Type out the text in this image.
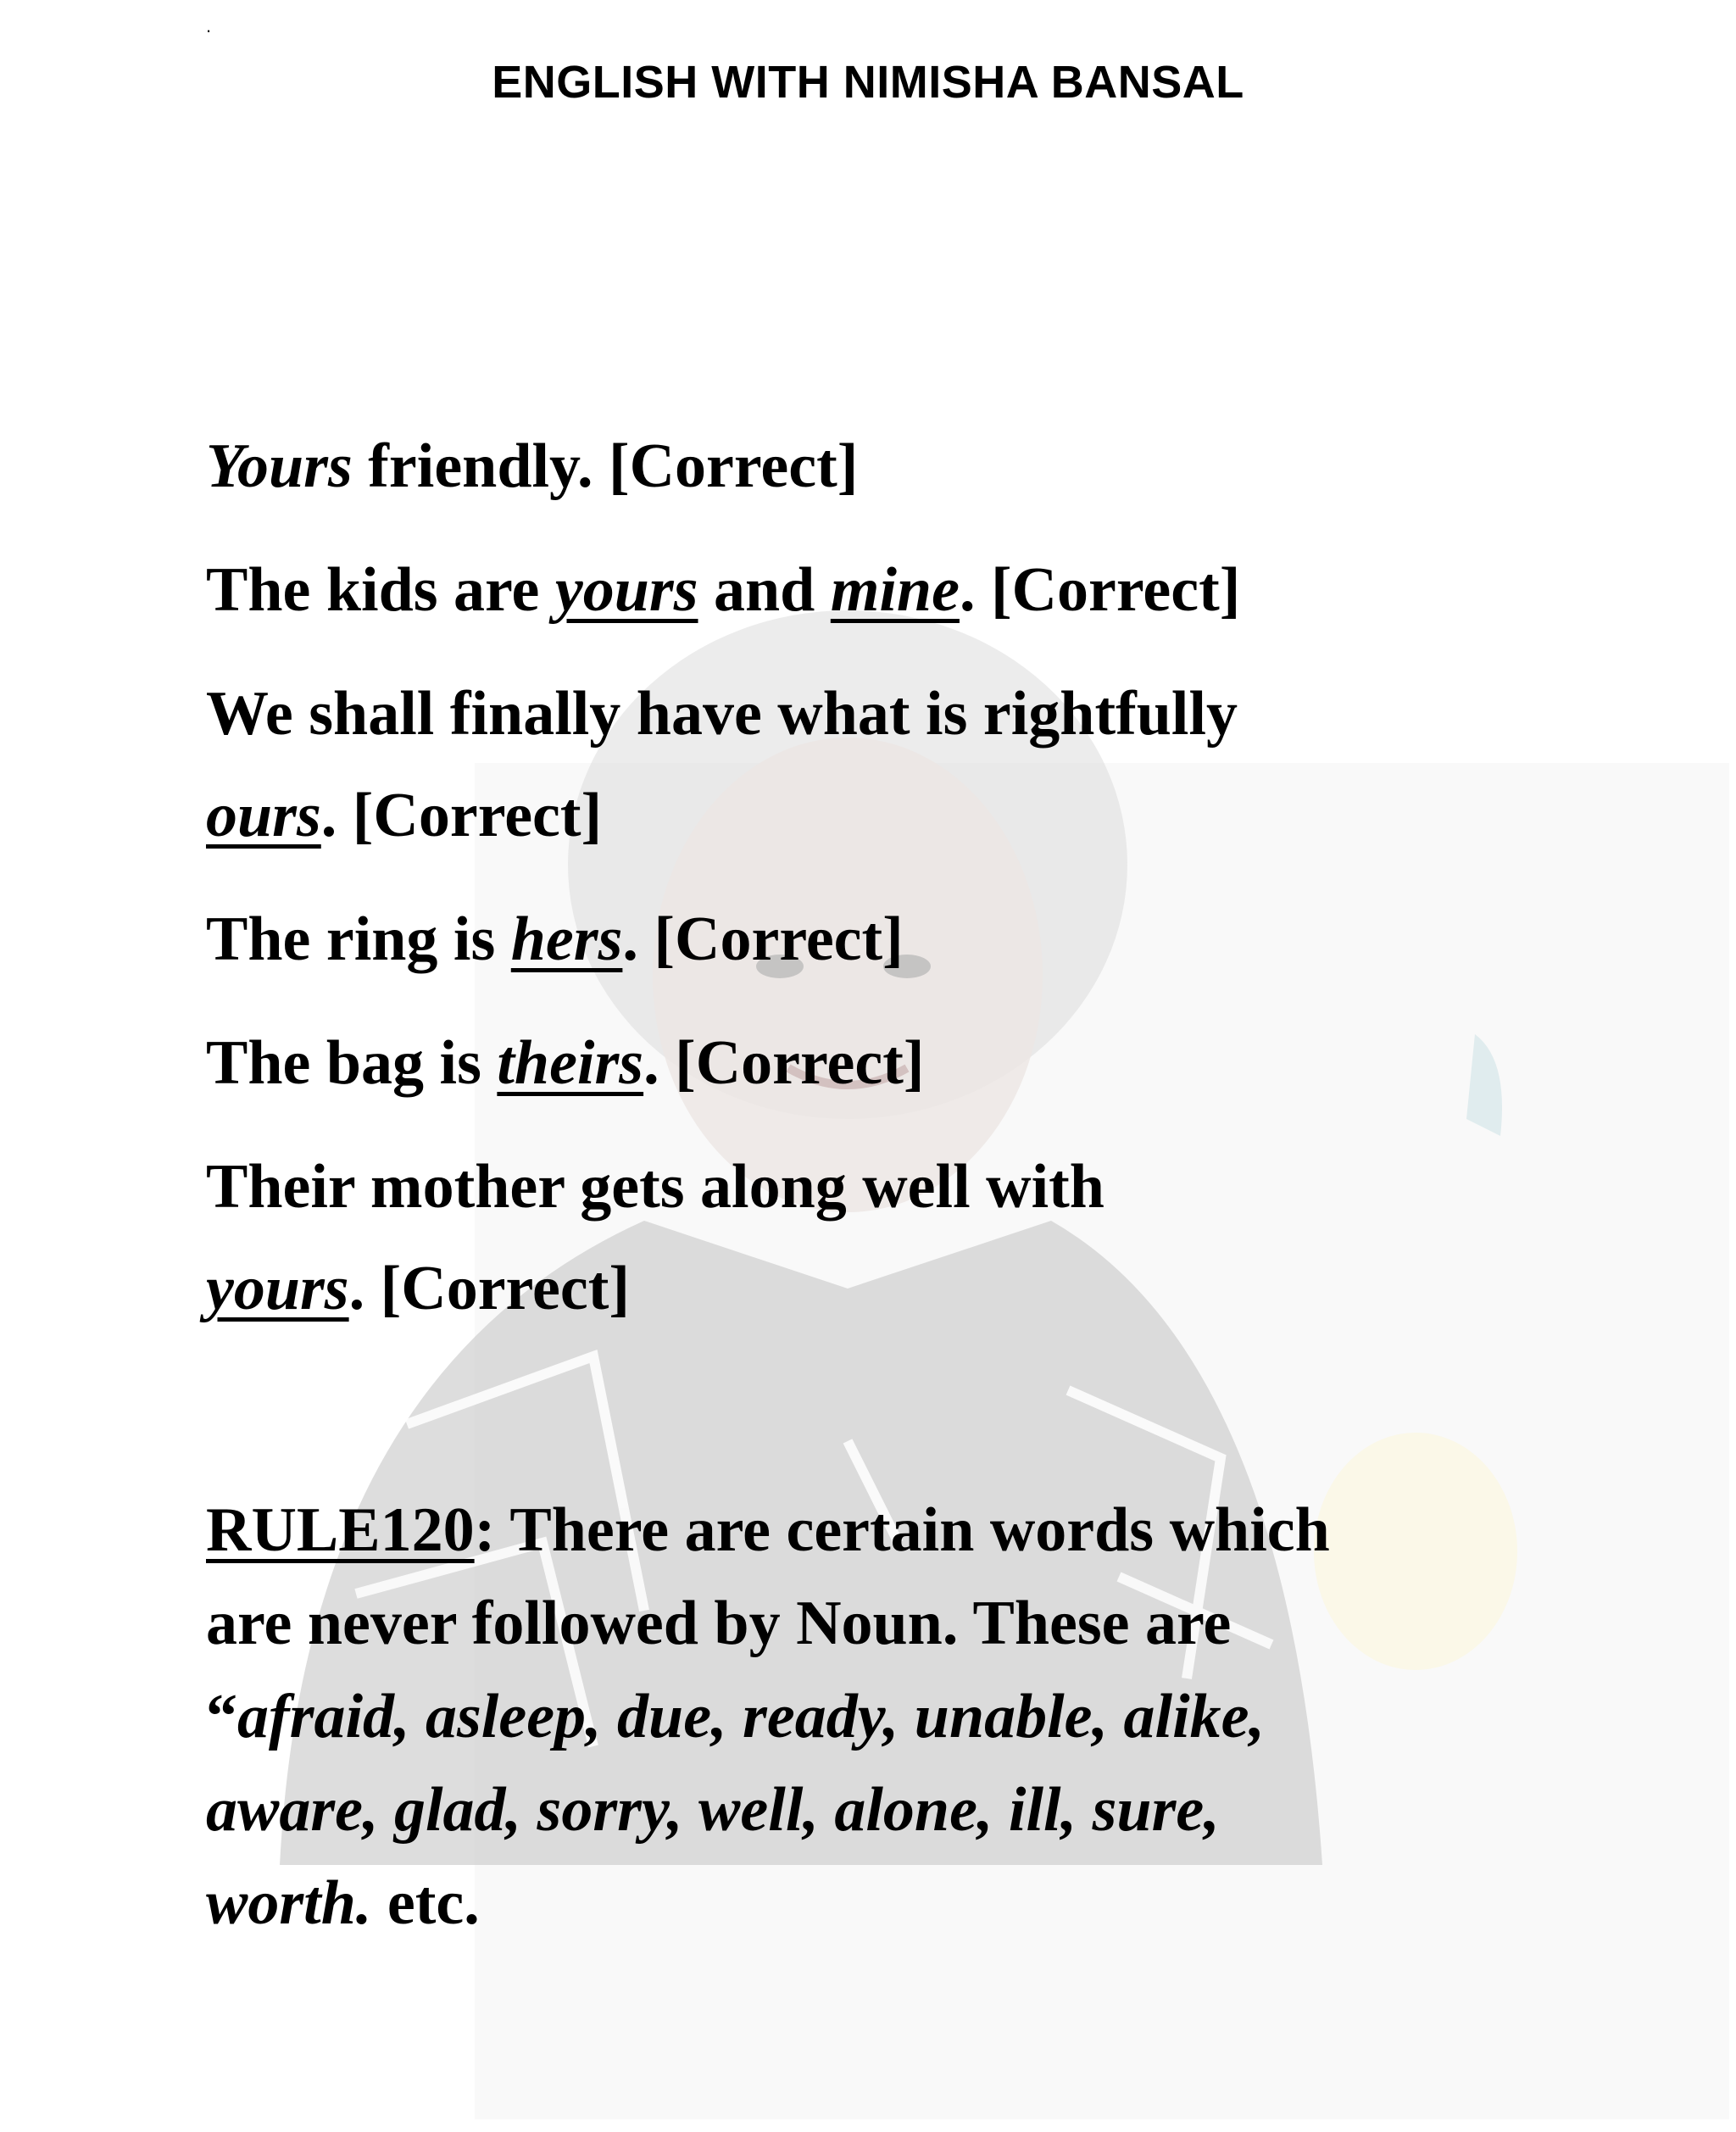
.
ENGLISH WITH NIMISHA BANSAL
Yours friendly. [Correct]
The kids are yours and mine. [Correct]
We shall finally have what is rightfully
ours. [Correct]
The ring is hers. [Correct]
The bag is theirs. [Correct]
Their mother gets along well with
yours. [Correct]
RULE120: There are certain words which
are never followed by Noun. These are
“afraid, asleep, due, ready, unable, alike,
aware, glad, sorry, well, alone, ill, sure,
worth. etc.
